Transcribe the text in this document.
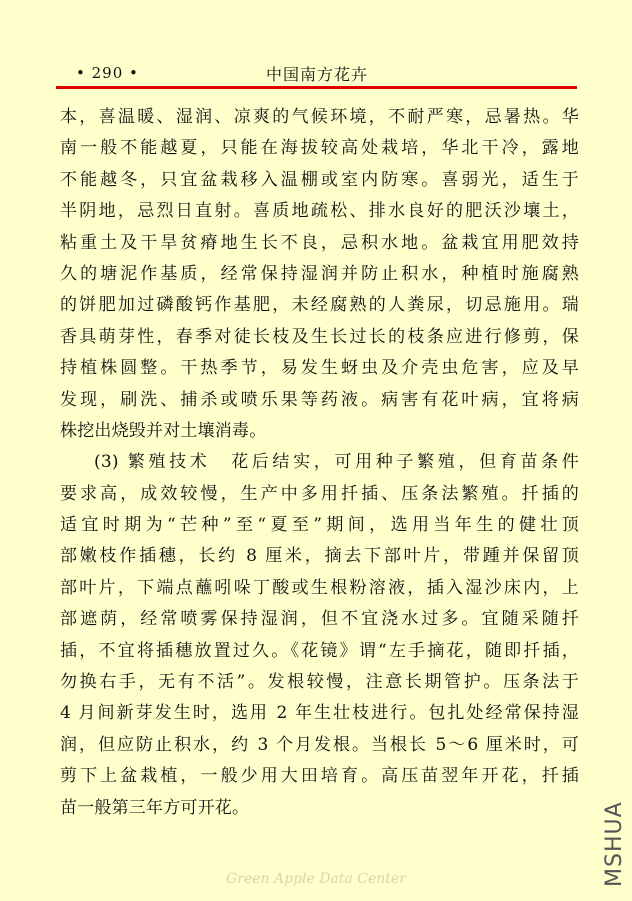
• 290 •	中国南方花卉
本，喜温暖、湿润、凉爽的气候环境，不耐严寒，忌暑热。华
南一般不能越夏，只能在海拔较高处栽培，华北干冷，露地
不能越冬，只宜盆栽移入温棚或室内防寒。喜弱光，适生于
半阴地，忌烈日直射。喜质地疏松、排水良好的肥沃沙壤土，
粘重土及干旱贫瘠地生长不良，忌积水地。盆栽宜用肥效持
久的塘泥作基质，经常保持湿润并防止积水，种植时施腐熟
的饼肥加过磷酸钙作基肥，未经腐熟的人粪尿，切忌施用。瑞
香具萌芽性，春季对徒长枝及生长过长的枝条应进行修剪，保
持植株圆整。干热季节，易发生蚜虫及介壳虫危害，应及早
发现，刷洗、捕杀或喷乐果等药液。病害有花叶病，宜将病
株挖出烧毁并对土壤消毒。
(3) 繁殖技术　花后结实，可用种子繁殖，但育苗条件
要求高，成效较慢，生产中多用扦插、压条法繁殖。扦插的
适宜时期为“芒种”至“夏至”期间，选用当年生的健壮顶
部嫩枝作插穗，长约 8 厘米，摘去下部叶片，带踵并保留顶
部叶片，下端点蘸吲哚丁酸或生根粉溶液，插入湿沙床内，上
部遮荫，经常喷雾保持湿润，但不宜浇水过多。宜随采随扦
插，不宜将插穗放置过久。《花镜》谓“左手摘花，随即扦插，
勿换右手，无有不活”。发根较慢，注意长期管护。压条法于
4 月间新芽发生时，选用 2 年生壮枝进行。包扎处经常保持湿
润，但应防止积水，约 3 个月发根。当根长 5～6 厘米时，可
剪下上盆栽植，一般少用大田培育。高压苗翌年开花，扦插
苗一般第三年方可开花。	MSHUA
Green Apple Data Center
